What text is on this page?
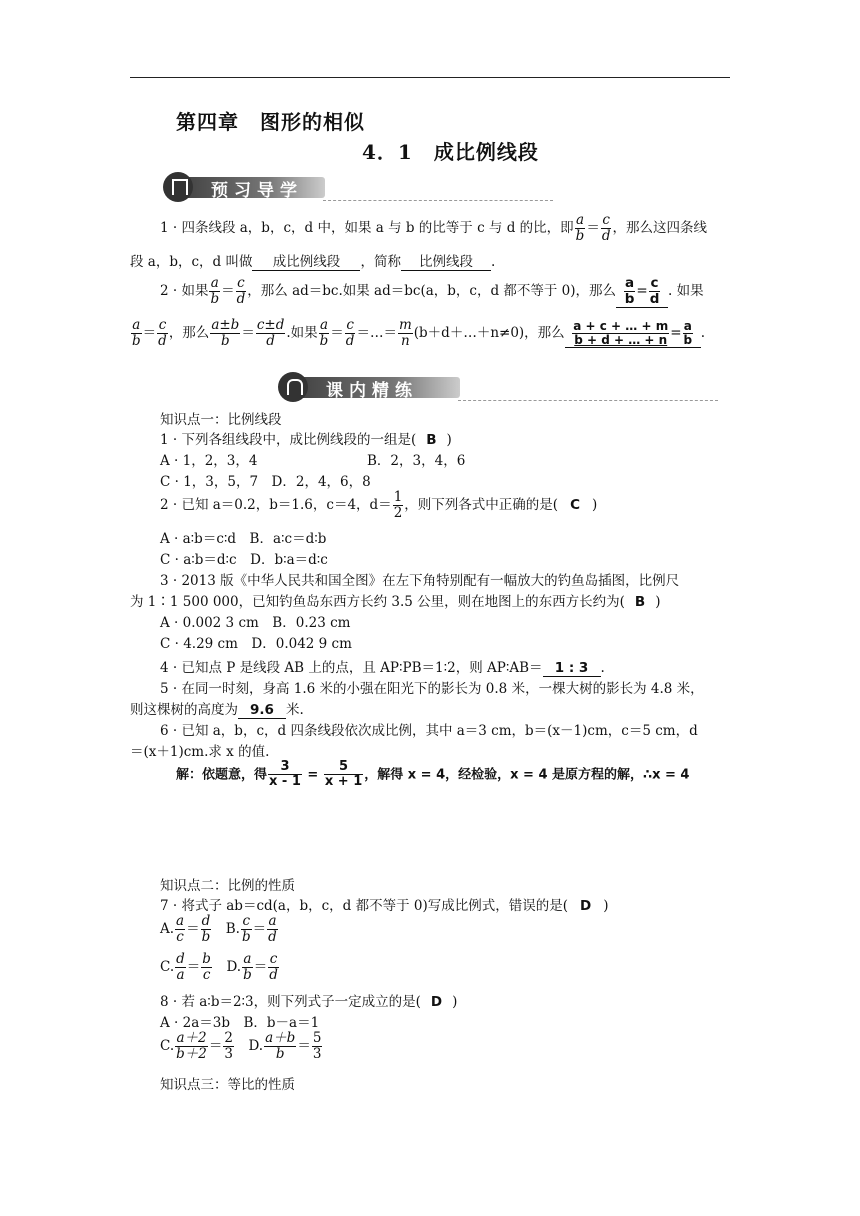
第四章　图形的相似
4．1　成比例线段
预习导学
1 · 四条线段 a，b，c，d 中，如果 a 与 b 的比等于 c 与 d 的比，即 $\frac{a}{b} = \frac{c}{d}$ ，那么这四条线
段 a，b，c，d 叫做 成比例线段 ，简称 比例线段 .
2 · 如果 $\frac{a}{b} = \frac{c}{d}$ ，那么 ad＝bc.如果 ad＝bc(a，b，c，d 都不等于 0)，那么 $\frac{a}{b} = \frac{c}{d}$ . 如果
$\frac{a}{b} = \frac{c}{d}$ ，那么 $\frac{a\pm b}{b} = \frac{c\pm d}{d}$ .如果 $\frac{a}{b} = \frac{c}{d}$ ＝…＝ $\frac{m}{n}$ (b＋d＋…＋n≠0)，那么 $\frac{a + c + \dots + m}{b + d + \dots + n} = \frac{a}{b}$ .
课内精练
知识点一：比例线段
1 · 下列各组线段中，成比例线段的一组是( B )
A · 1，2，3，4	B．2，3，4，6
C · 1，3，5，7　D．2，4，6，8
2 · 已知 a＝0.2，b＝1.6，c＝4，$d= \frac{1}{2}$ ，则下列各式中正确的是( C )
A · a∶b＝c∶d　B．a∶c＝d∶b
C · a∶b＝d∶c　D．b∶a＝d∶c
3 · 2013 版《中华人民共和国全图》在左下角特别配有一幅放大的钓鱼岛插图，比例尺
为 1∶1 500 000，已知钓鱼岛东西方长约 3.5 公里，则在地图上的东西方长约为( B )
A · 0.002 3 cm　B．0.23 cm
C · 4.29 cm　D．0.042 9 cm
4 · 已知点 P 是线段 AB 上的点，且 AP∶PB＝1∶2，则 AP∶AB＝ 1 : 3 .
5 · 在同一时刻，身高 1.6 米的小强在阳光下的影长为 0.8 米，一棵大树的影长为 4.8 米，
则这棵树的高度为 9.6 米.
6 · 已知 a，b，c，d 四条线段依次成比例，其中 a＝3 cm，b＝(x－1)cm，c＝5 cm，d
＝(x＋1)cm.求 x 的值.
解：依题意，得 $\frac{3}{x - 1} = \frac{5}{x + 1}$ ，解得 x = 4，经检验，x = 4 是原方程的解，∴x = 4
知识点二：比例的性质
7 · 将式子 ab＝cd(a，b，c，d 都不等于 0)写成比例式，错误的是( D )
A. $\frac{a}{c} = \frac{d}{b}$
　 B. $\frac{c}{b} = \frac{a}{d}$
C. $\frac{d}{a} = \frac{b}{c}$
　 D. $\frac{a}{b} = \frac{c}{d}$
8 · 若 a∶b＝2∶3，则下列式子一定成立的是( D )
A · 2a＝3b　B．b－a＝1
C. $\frac{a+2}{b+2} = \frac{2}{3}$
　 D. $\frac{a+b}{b} = \frac{5}{3}$
知识点三：等比的性质
